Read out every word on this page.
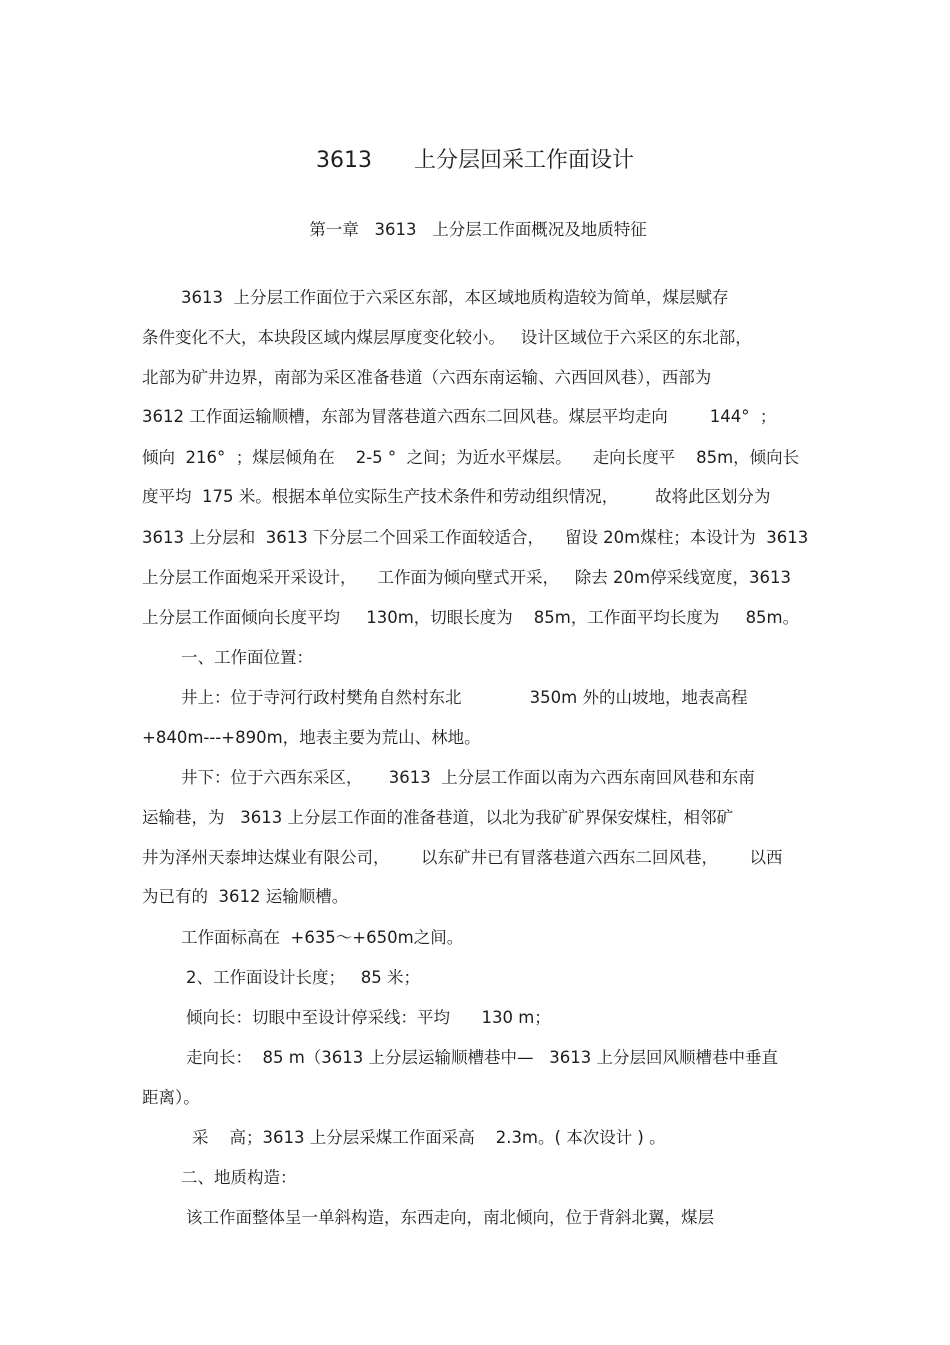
3613      上分层回采工作面设计
第一章   3613   上分层工作面概况及地质特征
3613  上分层工作面位于六采区东部，本区域地质构造较为简单，煤层赋存
条件变化不大，本块段区域内煤层厚度变化较小。   设计区域位于六采区的东北部，
北部为矿井边界，南部为采区准备巷道（六西东南运输、六西回风巷），西部为
3612 工作面运输顺槽，东部为冒落巷道六西东二回风巷。煤层平均走向        144°  ；
倾向  216°  ；煤层倾角在    2-5 °  之间；为近水平煤层。    走向长度平    85m，倾向长
度平均  175 米。根据本单位实际生产技术条件和劳动组织情况，       故将此区划分为
3613 上分层和  3613 下分层二个回采工作面较适合，    留设 20m煤柱；本设计为  3613
上分层工作面炮采开采设计，    工作面为倾向壁式开采，   除去 20m停采线宽度，3613
上分层工作面倾向长度平均     130m，切眼长度为    85m，工作面平均长度为     85m。
一、工作面位置：
井上：位于寺河行政村樊角自然村东北             350m 外的山坡地，地表高程
+840m---+890m，地表主要为荒山、林地。
井下：位于六西东采区，     3613  上分层工作面以南为六西东南回风巷和东南
运输巷，为   3613 上分层工作面的准备巷道，以北为我矿矿界保安煤柱，相邻矿
井为泽州天泰坤达煤业有限公司，      以东矿井已有冒落巷道六西东二回风巷，      以西
为已有的  3612 运输顺槽。
工作面标高在  +635～+650m之间。
2、工作面设计长度；   85 米；
倾向长：切眼中至设计停采线：平均      130 m；
走向长：  85 m（3613 上分层运输顺槽巷中—   3613 上分层回风顺槽巷中垂直
距离）。
采    高；3613 上分层采煤工作面采高    2.3m。( 本次设计 ) 。
二、地质构造：
该工作面整体呈一单斜构造，东西走向，南北倾向，位于背斜北翼，煤层
